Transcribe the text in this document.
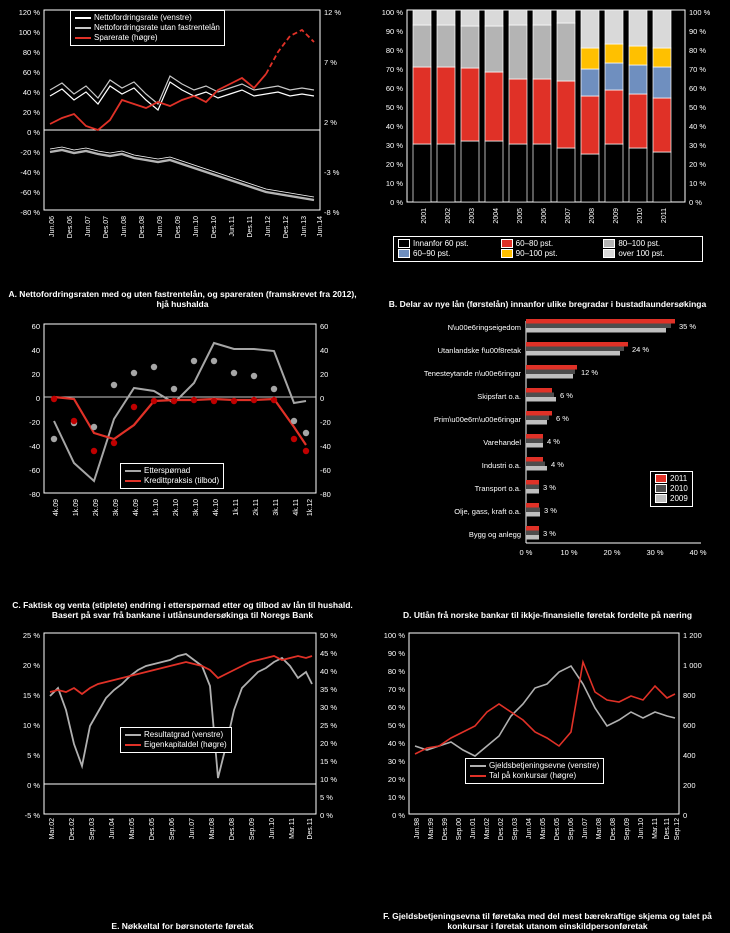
120 %
100 %
80 %
60 %
40 %
20 %
0 %
-20 %
-40 %
-60 %
-80 %
12 %
7 %
2 %
-3 %
-8 %
Jun.06 Des.06 Jun.07 Des.07 Jun.08 Des.08 Jun.09 Des.09 Jun.10 Des.10 Jun.11 Des.11 Jun.12 Des.12 Jun.13 Jun.14
Nettofordringsrate (venstre)
Nettofordringsrate utan fastrentelån
Sparerate (høgre)
A. Nettofordringsraten med og uten fastrentelån, og spareraten (framskrevet fra 2012), hjå hushalda
100 %
90 %
80 %
70 %
60 %
50 %
40 %
30 %
20 %
10 %
0 %
100 %
90 %
80 %
70 %
60 %
50 %
40 %
30 %
20 %
10 %
0 %
2001 2002 2003 2004 2005 2006 2007 2008 2009 2010 2011
Innanfor 60 pst.
60–90 pst.
60–80 pst.
90–100 pst.
80–100 pst.
over 100 pst.
B. Delar av nye lån (førstelån) innanfor ulike bregradar i bustadlaundersøkinga
60
40
20
0
-20
-40
-60
-80
60
40
20
0
-20
-40
-60
-80
4k.09 1k.09 2k.09 3k.09 4k.09 1k.10 2k.10 3k.10 4k.10 1k.11 2k.11 3k.11 4k.11 1k.12
Etterspørnad
Kredittpraksis (tilbod)
C. Faktisk og venta (stiplete) endring i etterspørnad etter og tilbod av lån til hushald. Basert på svar frå bankane i utlånsundersøkinga til Noregs Bank
N\u00e6ringseigedom
Utanlandske f\u00f8retak
Tenesteytande n\u00e6ringar
Skipsfart o.a.
Prim\u00e6rn\u00e6ringar
Varehandel
Industri o.a.
Transport o.a.
Olje, gass, kraft o.a.
Bygg og anlegg
35 %
24 %
12 %
6 %
6 %
4 %
4 %
3 %
3 %
3 %
0 %	10 %	20 %	30 %	40 %
2011
2010
2009
D. Utlån frå norske bankar til ikkje-finansielle føretak fordelte på næring
25 %
20 %
15 %
10 %
5 %
0 %
-5 %
50 %
45 %
40 %
35 %
30 %
25 %
20 %
15 %
10 %
5 %
0 %
Mar.02 Des.02 Sep.03 Jun.04 Mar.05 Des.05 Sep.06 Jun.07 Mar.08 Des.08 Sep.09 Jun.10 Mar.11 Des.11
Resultatgrad (venstre)
Eigenkapitaldel (høgre)
E. Nøkkeltal for børsnoterte føretak
100 %
90 %
80 %
70 %
60 %
50 %
40 %
30 %
20 %
10 %
0 %
1 200
1 000
800
600
400
200
0
Jun.98 Mar.99 Des.99 Sep.00 Jun.01 Mar.02 Des.02 Sep.03 Jun.04 Mar.05 Des.05 Sep.06 Jun.07 Mar.08 Des.08 Sep.09 Jun.10 Mar.11 Des.11 Sep.12
Gjeldsbetjeningsevne (venstre)
Tal på konkursar (høgre)
F. Gjeldsbetjeningsevna til føretaka med del mest bærekraftige skjema og talet på konkursar i føretak utanom einskildpersonføretak
